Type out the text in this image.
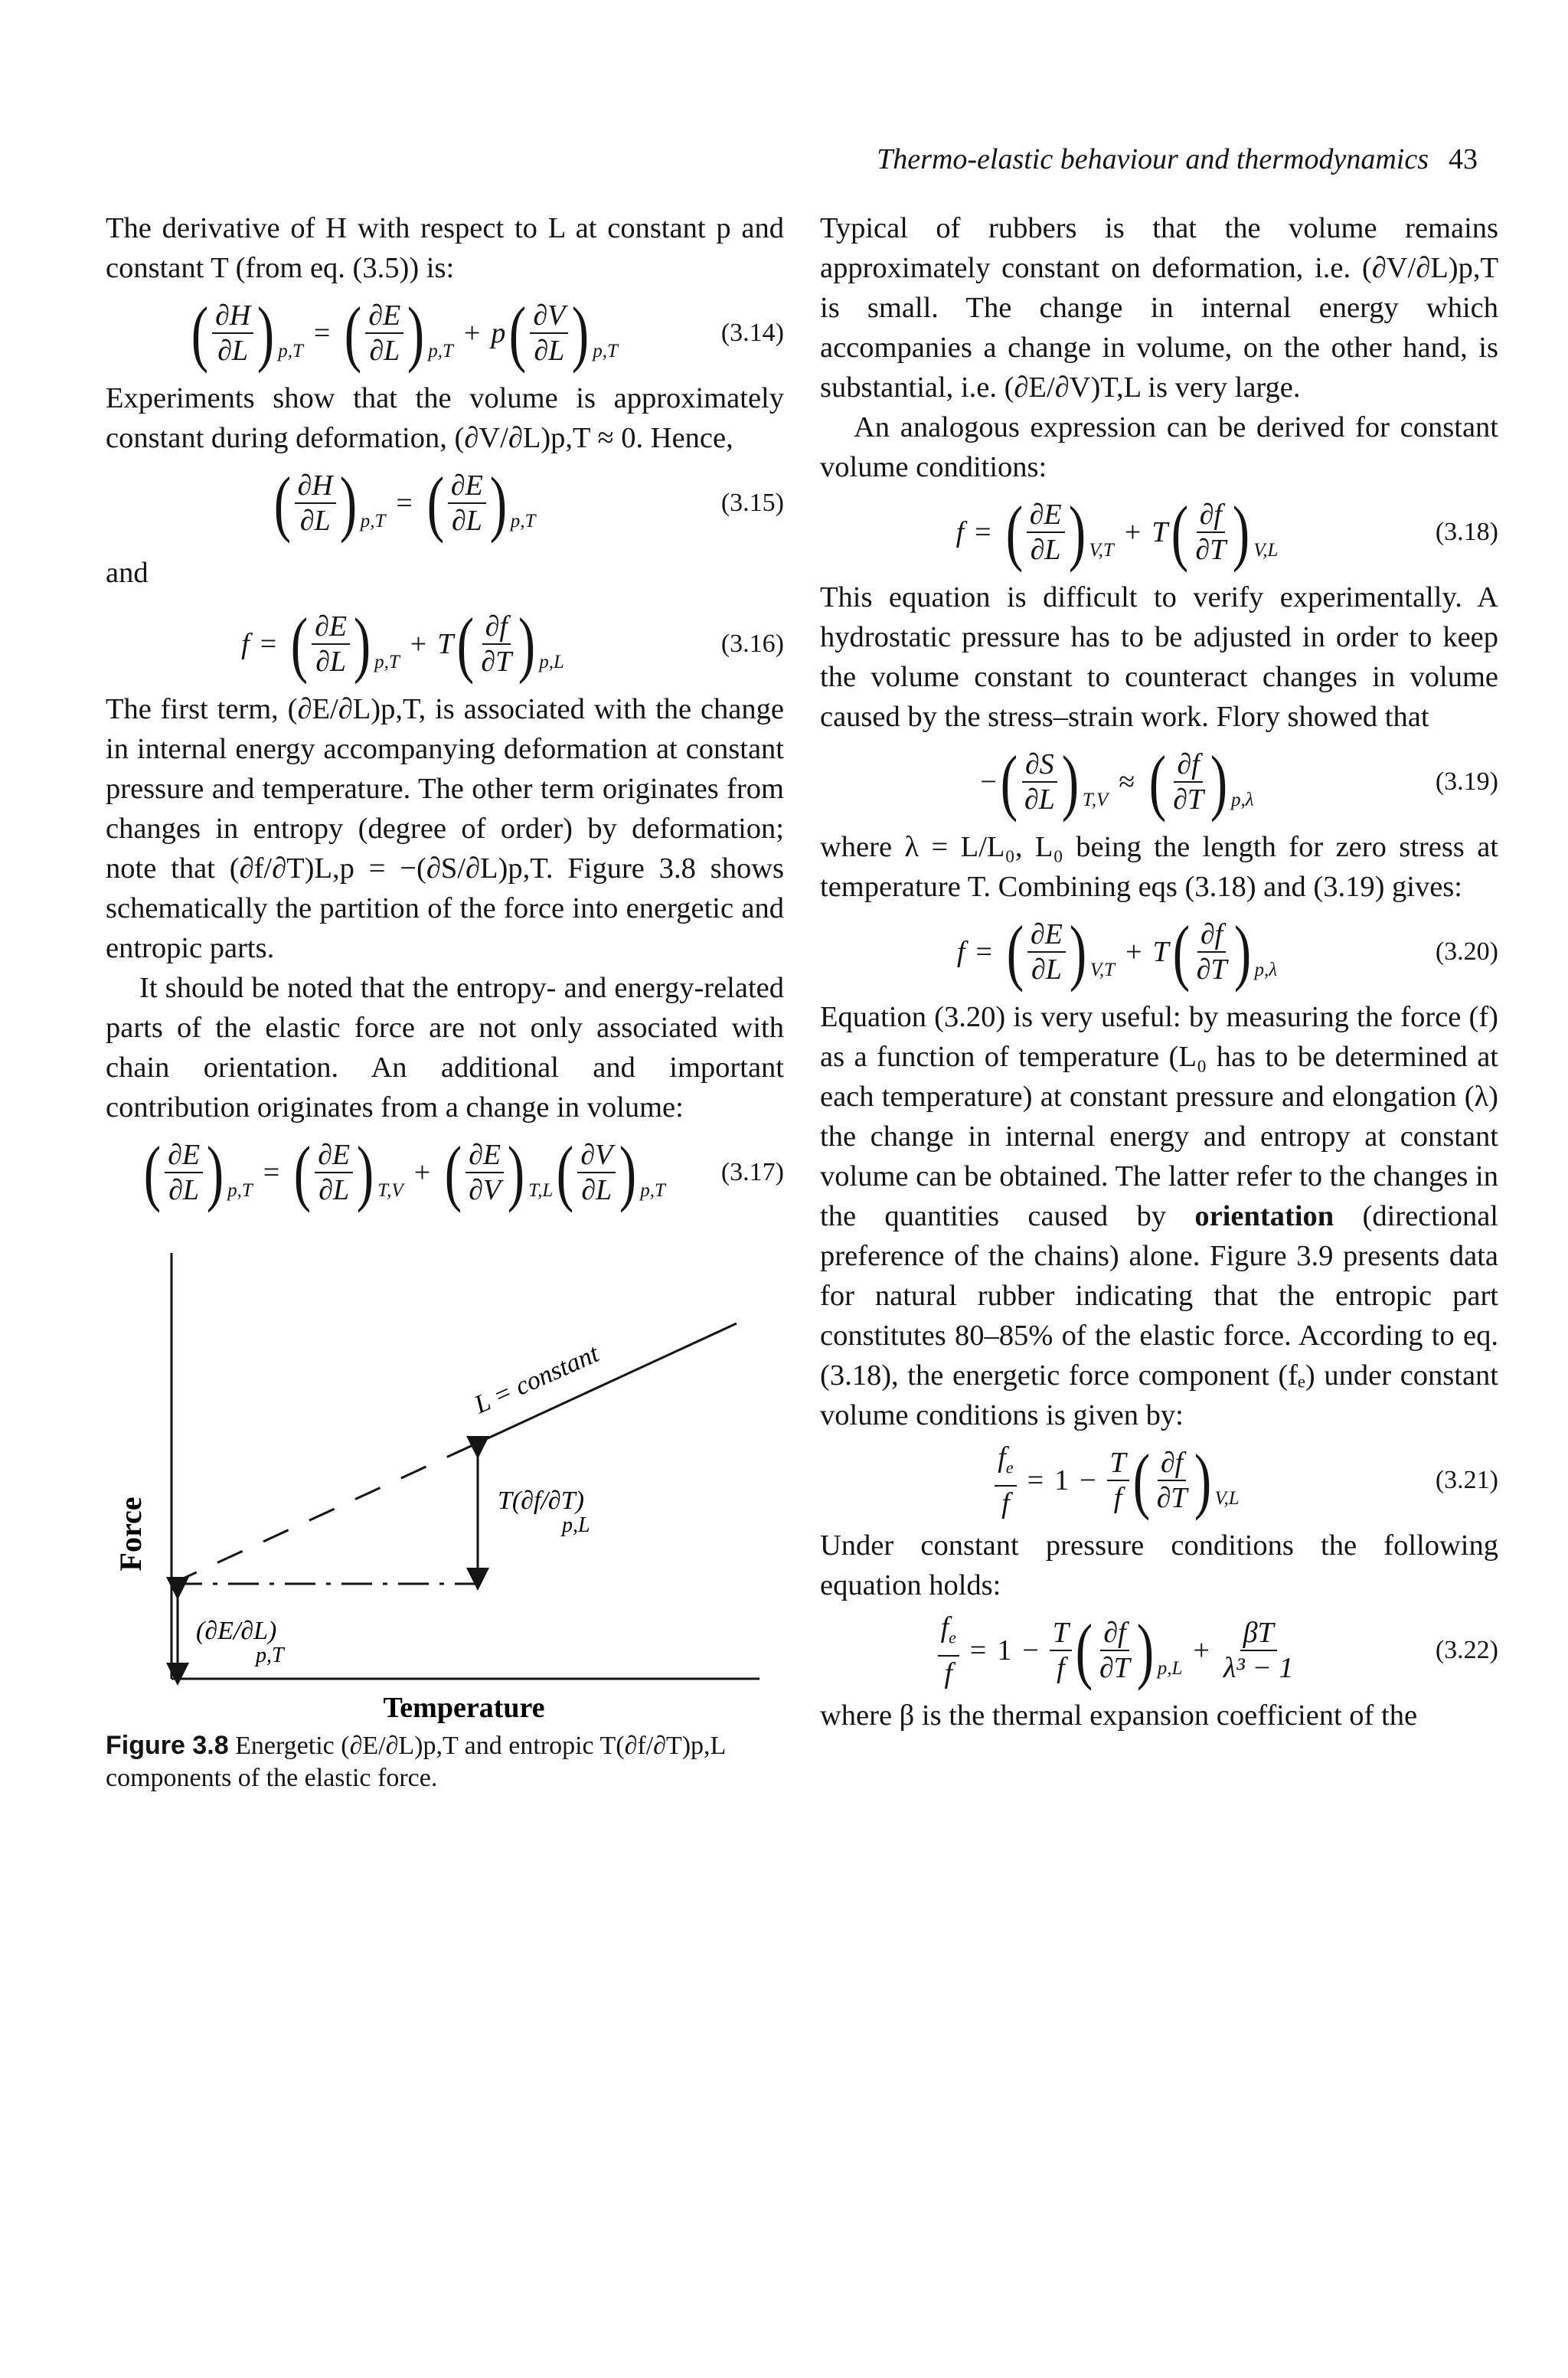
Thermo-elastic behaviour and thermodynamics 43

The derivative of H with respect to L at constant p and constant T (from eq. (3.5)) is:

( $\frac{\partial H}{\partial L}$ ) p,T
= ( $\frac{\partial E}{\partial L}$ ) p,T
+ p ( $\frac{\partial V}{\partial L}$ ) p,T
(3.14)

Experiments show that the volume is approximately constant during deformation, (∂V/∂L)p,T ≈ 0. Hence,

( $\frac{\partial H}{\partial L}$ ) p,T
= ( $\frac{\partial E}{\partial L}$ ) p,T
(3.15)
and
f = ( $\frac{\partial E}{\partial L}$ ) p,T
+ T ( $\frac{\partial f}{\partial T}$ ) p,L
(3.16)

The first term, (∂E/∂L)p,T, is associated with the change in internal energy accompanying deformation at constant pressure and temperature. The other term originates from changes in entropy (degree of order) by deformation; note that (∂f/∂T)L,p = −(∂S/∂L)p,T. Figure 3.8 shows schematically the partition of the force into energetic and entropic parts.

It should be noted that the entropy- and energy-related parts of the elastic force are not only associated with chain orientation. An additional and important contribution originates from a change in volume:

( $\frac{\partial E}{\partial L}$ ) p,T
= ( $\frac{\partial E}{\partial L}$ ) T,V
+ ( $\frac{\partial E}{\partial V}$ ) T,L ( $\frac{\partial V}{\partial L}$ ) p,T
(3.17)
Force
Temperature
L = constant
T(∂f/∂T)
p,L
(∂E/∂L)
p,T
Figure 3.8 Energetic (∂E/∂L)p,T and entropic T(∂f/∂T)p,L components of the elastic force.

Typical of rubbers is that the volume remains approximately constant on deformation, i.e. (∂V/∂L)p,T is small. The change in internal energy which accompanies a change in volume, on the other hand, is substantial, i.e. (∂E/∂V)T,L is very large.

An analogous expression can be derived for constant volume conditions:

f = ( $\frac{\partial E}{\partial L}$ ) V,T
+ T ( $\frac{\partial f}{\partial T}$ ) V,L
(3.18)

This equation is difficult to verify experimentally. A hydrostatic pressure has to be adjusted in order to keep the volume constant to counteract changes in volume caused by the stress–strain work. Flory showed that

− ( $\frac{\partial S}{\partial L}$ ) T,V
≈ ( $\frac{\partial f}{\partial T}$ ) p,λ
(3.19)

where λ = L/L₀, L₀ being the length for zero stress at temperature T. Combining eqs (3.18) and (3.19) gives:

f = ( $\frac{\partial E}{\partial L}$ ) V,T
+ T ( $\frac{\partial f}{\partial T}$ ) p,λ
(3.20)

Equation (3.20) is very useful: by measuring the force (f) as a function of temperature (L₀ has to be determined at each temperature) at constant pressure and elongation (λ) the change in internal energy and entropy at constant volume can be obtained. The latter refer to the changes in the quantities caused by orientation (directional preference of the chains) alone. Figure 3.9 presents data for natural rubber indicating that the entropic part constitutes 80–85% of the elastic force. According to eq. (3.18), the energetic force component (fₑ) under constant volume conditions is given by:

$\frac{f_e}{f} = 1 - \frac{T}{f}$ ( $\frac{\partial f}{\partial T}$ ) V,L
(3.21)

Under constant pressure conditions the following equation holds:

$\frac{f_e}{f} = 1 - \frac{T}{f}$ ( $\frac{\partial f}{\partial T}$ ) p,L
+ $\frac{\beta T}{\text{λ³ − 1}}$	(3.22)

where β is the thermal expansion coefficient of the
